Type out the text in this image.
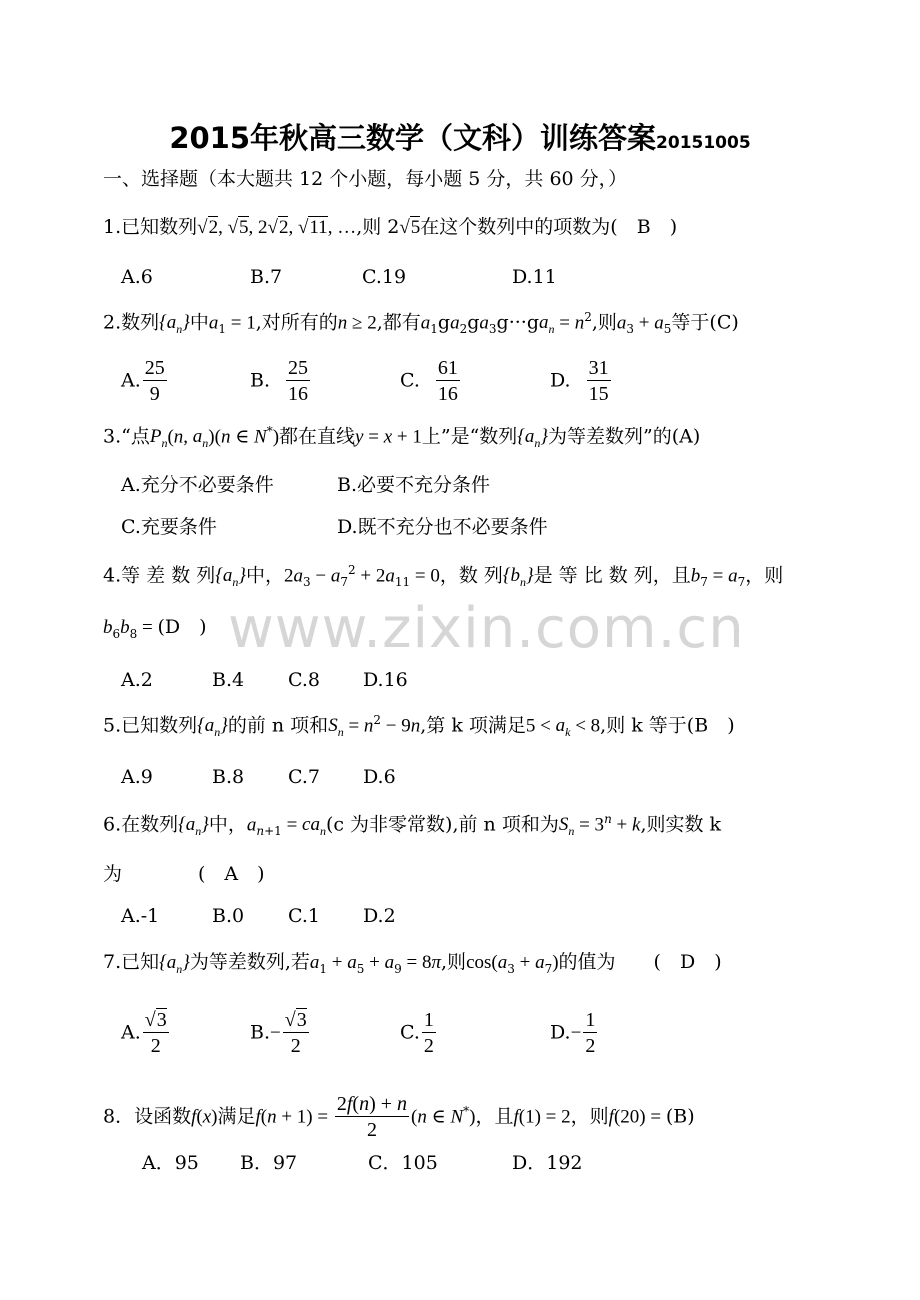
2015年秋高三数学（文科）训练答案20151005
一、选择题（本大题共 12 个小题，每小题 5 分，共 60 分，）
1.已知数列√2, √5, 2√2, √11, …,则 2√5在这个数列中的项数为(　B　)
A.6	B.7	C.19	D.11
2.数列$\{a_n\}$中$a_1 = 1$,对所有的n ≥ 2,都有$a_1ga_2ga_3g\cdot\cdot\cdot ga_n = n^2$,则$a_3 + a_5$等于(C)
A. $\frac{25}{9}$	B. $\frac{25}{16}$	C. $\frac{61}{16}$	D. $\frac{31}{15}$
3.“点$P_n(n$, $a_n)(n$ ∈ N*)都在直线y = x + 1上”是“数列$\{a_n\}$为等差数列”的(A)
A.充分不必要条件	B.必要不充分条件
C.充要条件	D.既不充分也不必要条件
4.等 差 数 列$\{a_n\}$中，$2a_3 - a_7^2 + 2a_{11} = 0$，数 列$\{b_n\}$是 等 比 数 列，且$b_7 = a_7$，则
$b_6b_8 = (D$　)
A.2	B.4 C.8 D.16
5.已知数列$\{a_n\}$的前 n 项和$S_n = n^2 - 9n$,第 k 项满足$5 < a_k < 8$,则 k 等于(B　)
A.9	B.8 C.7 D.6
6.在数列$\{a_n\}$中，$a_{n+1} = ca_n(c$ 为非零常数),前 n 项和为$S_n = 3^n + k$,则实数 k
为　　　　(　A　)
A.-1	B.0 C.1 D.2
7.已知$\{a_n\}$为等差数列,若$a_1 + a_5 + a_9 = 8\pi$,则$\cos(a_3 + a_7)$的值为　　(　D　)
A. $\frac{√3}{2}$	$B.- \frac{√3}{2}$	C. $\frac{1}{2}$	$D.- \frac{1}{2}$
8．设函数f(x)满足$f(n + 1) = \frac{2f(n) + n}{2} (n$ ∈ N*)，且f(1) = 2，则f(20) = (B)
A．95 B．97	C．105	D．192
www.zixin.com.cn
